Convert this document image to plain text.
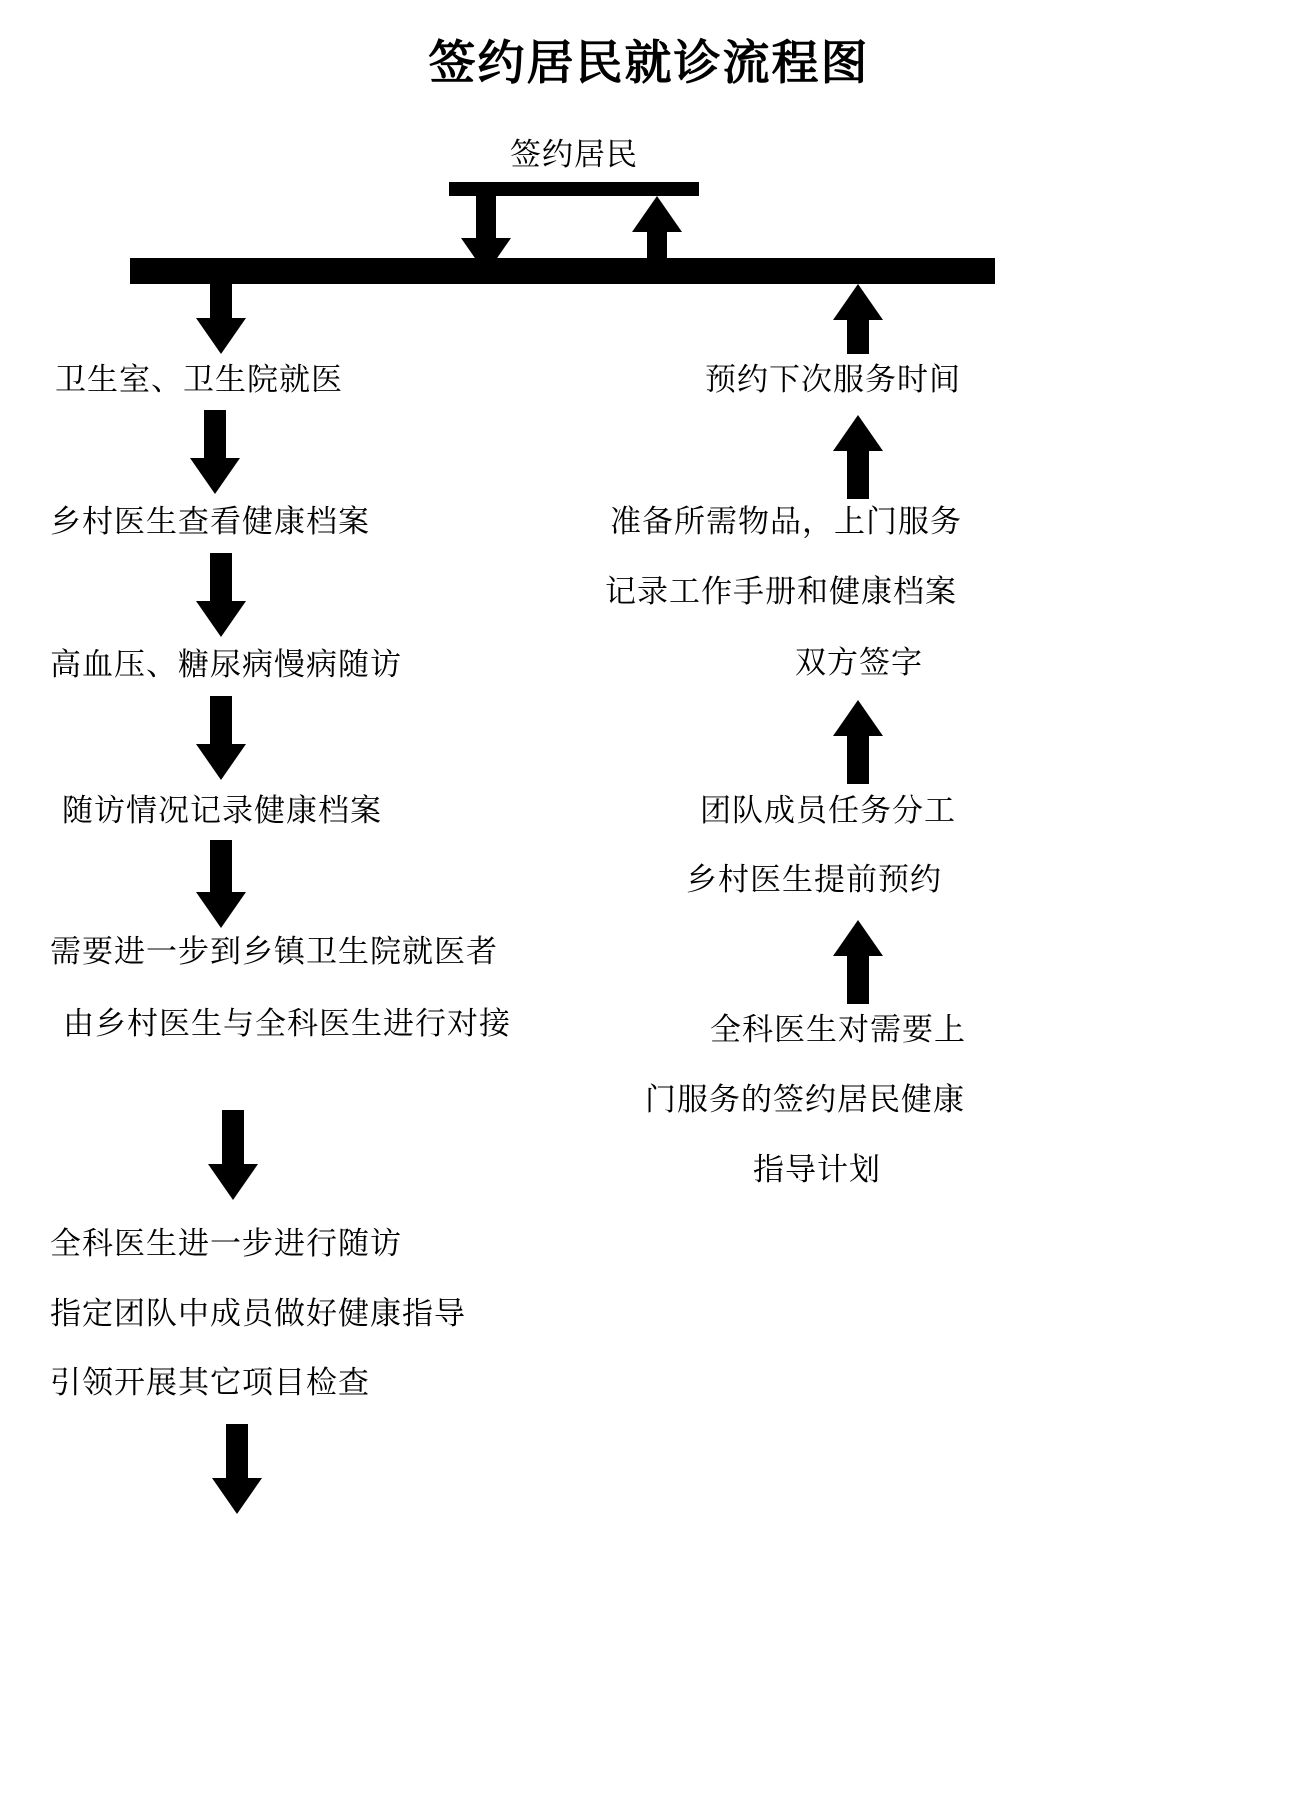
签约居民就诊流程图
签约居民
卫生室、卫生院就医
乡村医生查看健康档案
高血压、糖尿病慢病随访
随访情况记录健康档案
需要进一步到乡镇卫生院就医者
由乡村医生与全科医生进行对接
全科医生进一步进行随访
指定团队中成员做好健康指导
引领开展其它项目检查
预约下次服务时间
准备所需物品，上门服务
记录工作手册和健康档案
双方签字
团队成员任务分工
乡村医生提前预约
全科医生对需要上
门服务的签约居民健康
指导计划
